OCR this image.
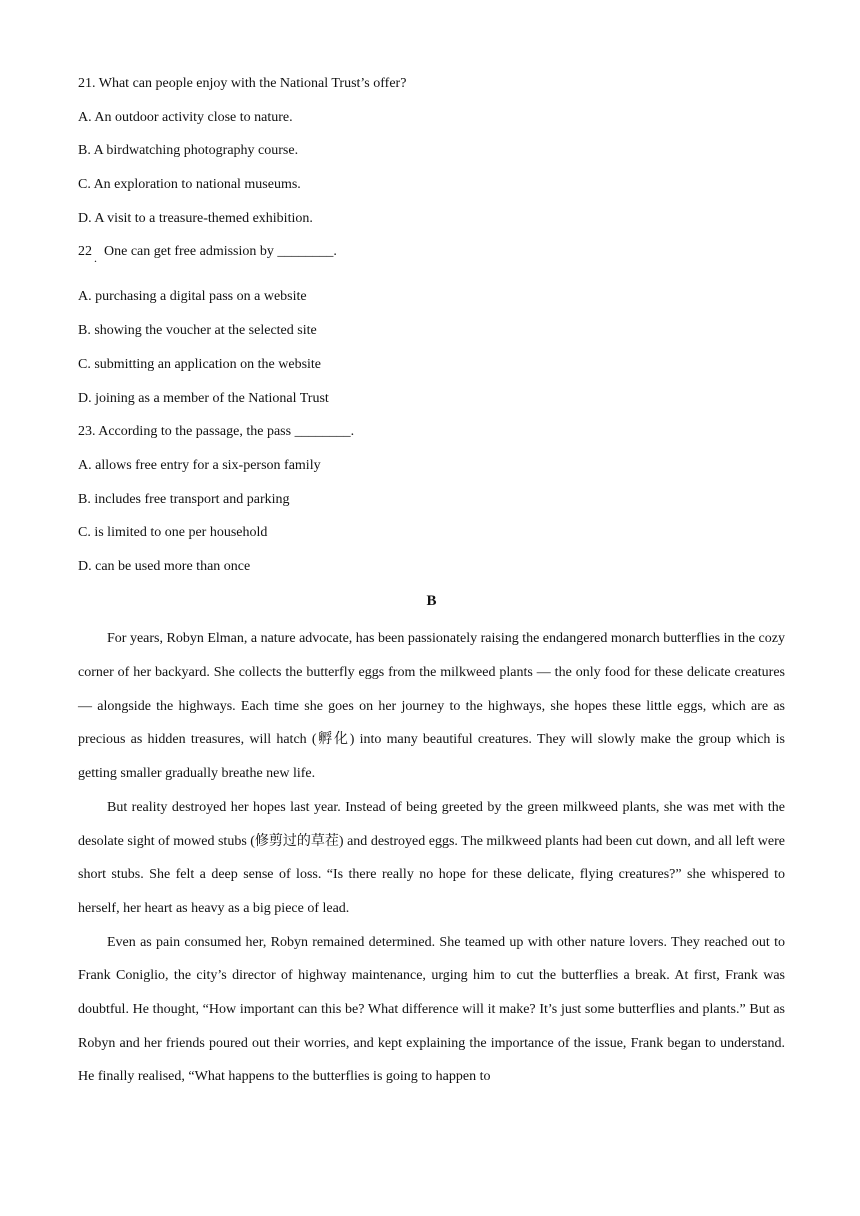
21. What can people enjoy with the National Trust’s offer?
A. An outdoor activity close to nature.
B. A birdwatching photography course.
C. An exploration to national museums.
D. A visit to a treasure-themed exhibition.
22 One can get free admission by ________.
.
A. purchasing a digital pass on a website
B. showing the voucher at the selected site
C. submitting an application on the website
D. joining as a member of the National Trust
23. According to the passage, the pass ________.
A. allows free entry for a six-person family
B. includes free transport and parking
C. is limited to one per household
D. can be used more than once
B

For years, Robyn Elman, a nature advocate, has been passionately raising the endangered monarch butterflies in the cozy corner of her backyard. She collects the butterfly eggs from the milkweed plants — the only food for these delicate creatures — alongside the highways. Each time she goes on her journey to the highways, she hopes these little eggs, which are as precious as hidden treasures, will hatch (孵化) into many beautiful creatures. They will slowly make the group which is getting smaller gradually breathe new life.

But reality destroyed her hopes last year. Instead of being greeted by the green milkweed plants, she was met with the desolate sight of mowed stubs (修剪过的草茬) and destroyed eggs. The milkweed plants had been cut down, and all left were short stubs. She felt a deep sense of loss. “Is there really no hope for these delicate, flying creatures?” she whispered to herself, her heart as heavy as a big piece of lead.

Even as pain consumed her, Robyn remained determined. She teamed up with other nature lovers. They reached out to Frank Coniglio, the city’s director of highway maintenance, urging him to cut the butterflies a break. At first, Frank was doubtful. He thought, “How important can this be? What difference will it make? It’s just some butterflies and plants.” But as Robyn and her friends poured out their worries, and kept explaining the importance of the issue, Frank began to understand. He finally realised, “What happens to the butterflies is going to happen to
